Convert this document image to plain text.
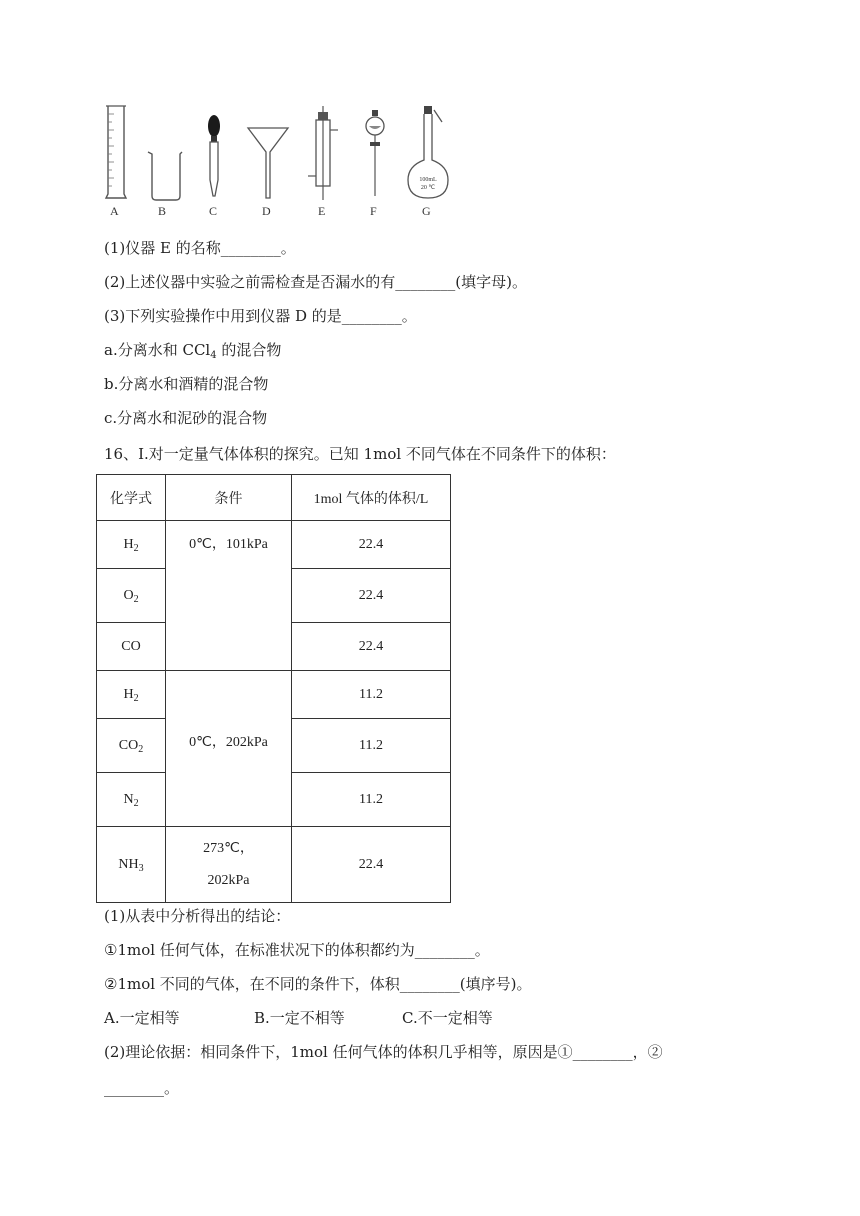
A	B	C	D	E	F
100mL
20 ℃
G
(1)仪器 E 的名称________。
(2)上述仪器中实验之前需检查是否漏水的有________(填字母)。
(3)下列实验操作中用到仪器 D 的是________。
a.分离水和 CCl$_4$ 的混合物
b.分离水和酒精的混合物
c.分离水和泥砂的混合物
16、Ⅰ.对一定量气体体积的探究。已知 1mol 不同气体在不同条件下的体积：
化学式	条件	1mol 气体的体积/L
$H_2$	0℃，101kPa	22.4
$O_2$		22.4
CO		22.4
$H_2$	0℃，202kPa	11.2
$CO_2$		11.2
$N_2$		11.2
$NH_3$	273℃，
202kPa	22.4
(1)从表中分析得出的结论：
①1mol 任何气体，在标准状况下的体积都约为________。
②1mol 不同的气体，在不同的条件下，体积________(填序号)。
A.一定相等	B.一定不相等	C.不一定相等
(2)理论依据：相同条件下，1mol 任何气体的体积几乎相等，原因是①________，②
________。
